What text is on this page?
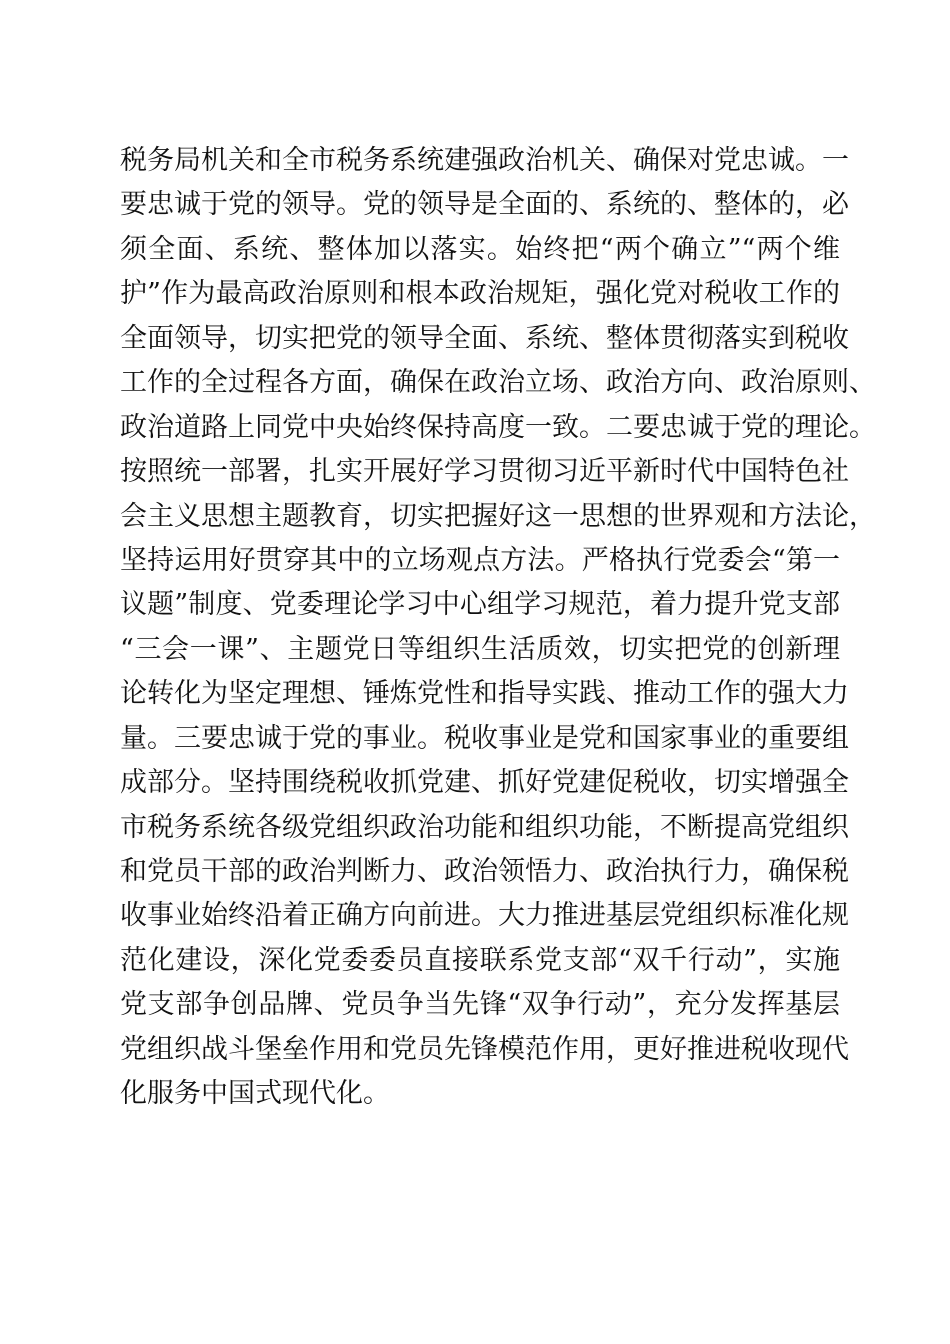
税务局机关和全市税务系统建强政治机关、确保对党忠诚。一
要忠诚于党的领导。党的领导是全面的、系统的、整体的，必
须全面、系统、整体加以落实。始终把“两个确立”“两个维
护”作为最高政治原则和根本政治规矩，强化党对税收工作的
全面领导，切实把党的领导全面、系统、整体贯彻落实到税收
工作的全过程各方面，确保在政治立场、政治方向、政治原则、
政治道路上同党中央始终保持高度一致。二要忠诚于党的理论。
按照统一部署，扎实开展好学习贯彻习近平新时代中国特色社
会主义思想主题教育，切实把握好这一思想的世界观和方法论，
坚持运用好贯穿其中的立场观点方法。严格执行党委会“第一
议题”制度、党委理论学习中心组学习规范，着力提升党支部
“三会一课”、主题党日等组织生活质效，切实把党的创新理
论转化为坚定理想、锤炼党性和指导实践、推动工作的强大力
量。三要忠诚于党的事业。税收事业是党和国家事业的重要组
成部分。坚持围绕税收抓党建、抓好党建促税收，切实增强全
市税务系统各级党组织政治功能和组织功能，不断提高党组织
和党员干部的政治判断力、政治领悟力、政治执行力，确保税
收事业始终沿着正确方向前进。大力推进基层党组织标准化规
范化建设，深化党委委员直接联系党支部“双千行动”，实施
党支部争创品牌、党员争当先锋“双争行动”，充分发挥基层
党组织战斗堡垒作用和党员先锋模范作用，更好推进税收现代
化服务中国式现代化。
